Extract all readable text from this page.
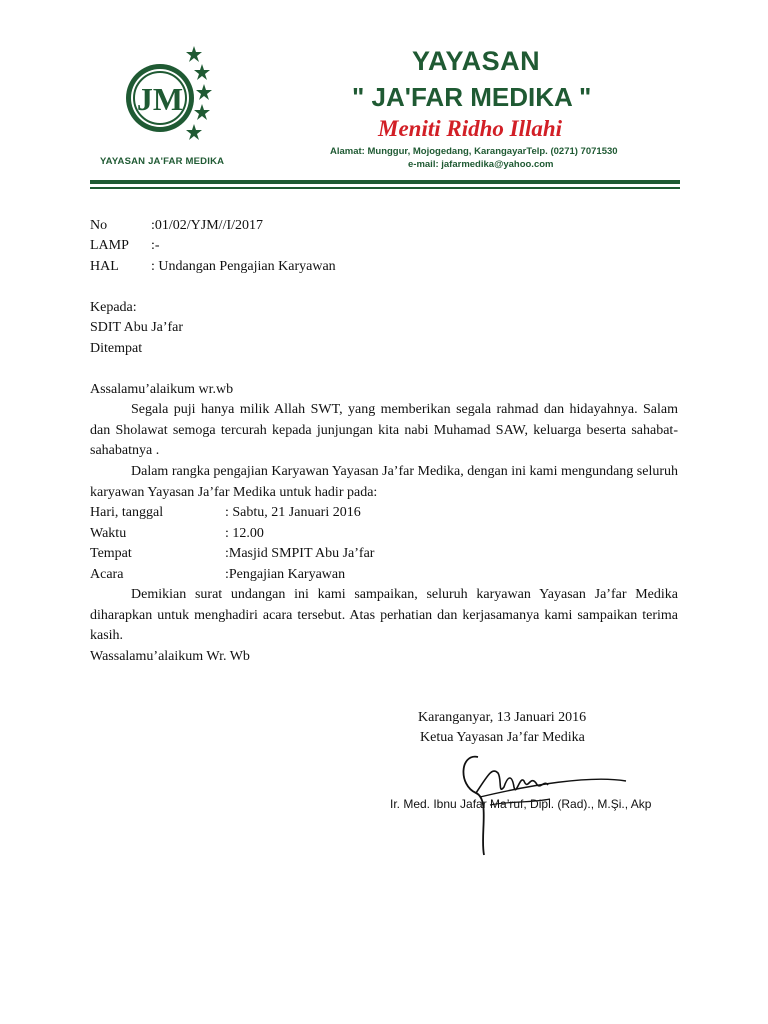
JM
YAYASAN JA'FAR MEDIKA
YAYASAN
" JA'FAR MEDIKA "
Meniti Ridho Illahi
Alamat: Munggur, Mojogedang, KarangayarTelp. (0271) 7071530
e-mail: jafarmedika@yahoo.com
No	:01/02/YJM//I/2017
LAMP :-
HAL : Undangan Pengajian Karyawan
Kepada:
SDIT Abu Ja’far
Ditempat
Assalamu’alaikum wr.wb
Segala puji hanya milik Allah SWT, yang memberikan segala rahmad dan hidayahnya. Salam dan Sholawat semoga tercurah kepada junjungan kita nabi Muhamad SAW, keluarga beserta sahabat-sahabatnya .
Dalam rangka pengajian Karyawan Yayasan Ja’far Medika, dengan ini kami mengundang seluruh karyawan Yayasan Ja’far Medika untuk hadir pada:
Hari, tanggal	: Sabtu, 21 Januari 2016
Waktu	: 12.00
Tempat	:Masjid SMPIT Abu Ja’far
Acara	:Pengajian Karyawan
Demikian surat undangan ini kami sampaikan, seluruh karyawan Yayasan Ja’far Medika diharapkan untuk menghadiri acara tersebut. Atas perhatian dan kerjasamanya kami sampaikan terima kasih.
Wassalamu’alaikum Wr. Wb
Karanganyar, 13 Januari 2016
Ketua Yayasan Ja’far Medika
Ir. Med. Ibnu Jafar Ma’ruf, Dipl. (Rad)., M.Şi., Akp
